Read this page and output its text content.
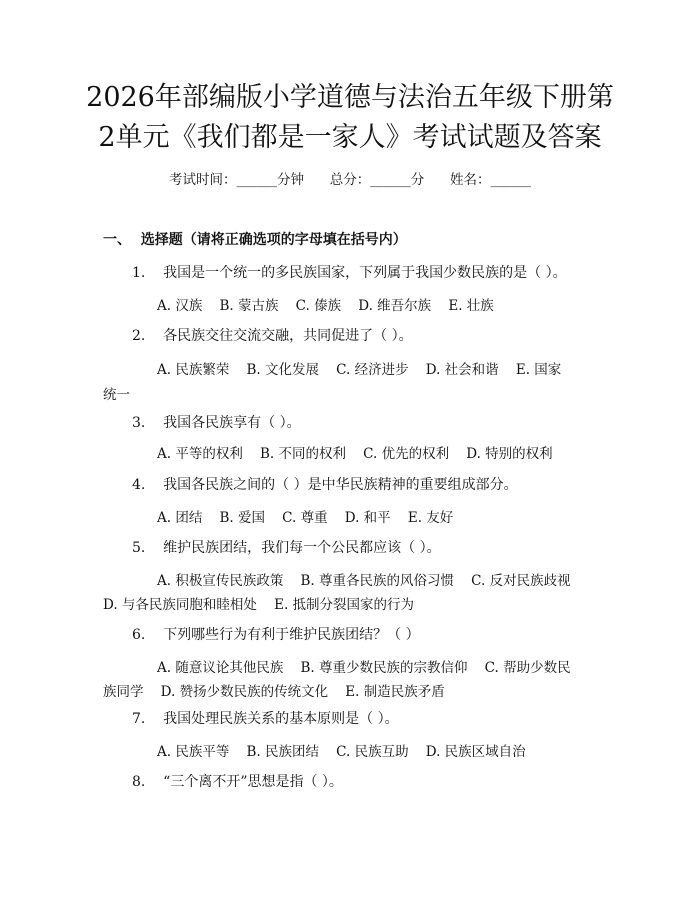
2026年部编版小学道德与法治五年级下册第
2单元《我们都是一家人》考试试题及答案
考试时间：______分钟      总分：______分      姓名：______
一、  选择题（请将正确选项的字母填在括号内）
1.    我国是一个统一的多民族国家，下列属于我国少数民族的是（ ）。
A. 汉族    B. 蒙古族    C. 傣族    D. 维吾尔族    E. 壮族
2.    各民族交往交流交融，共同促进了（ ）。
A. 民族繁荣    B. 文化发展    C. 经济进步    D. 社会和谐    E. 国家
统一
3.    我国各民族享有（ ）。
A. 平等的权利    B. 不同的权利    C. 优先的权利    D. 特别的权利
4.    我国各民族之间的（ ）是中华民族精神的重要组成部分。
A. 团结    B. 爱国    C. 尊重    D. 和平    E. 友好
5.    维护民族团结，我们每一个公民都应该（ ）。
A. 积极宣传民族政策    B. 尊重各民族的风俗习惯    C. 反对民族歧视
D. 与各民族同胞和睦相处    E. 抵制分裂国家的行为
6.    下列哪些行为有利于维护民族团结？（ ）
A. 随意议论其他民族    B. 尊重少数民族的宗教信仰    C. 帮助少数民
族同学    D. 赞扬少数民族的传统文化    E. 制造民族矛盾
7.    我国处理民族关系的基本原则是（ ）。
A. 民族平等    B. 民族团结    C. 民族互助    D. 民族区域自治
8.    “三个离不开”思想是指（ ）。
